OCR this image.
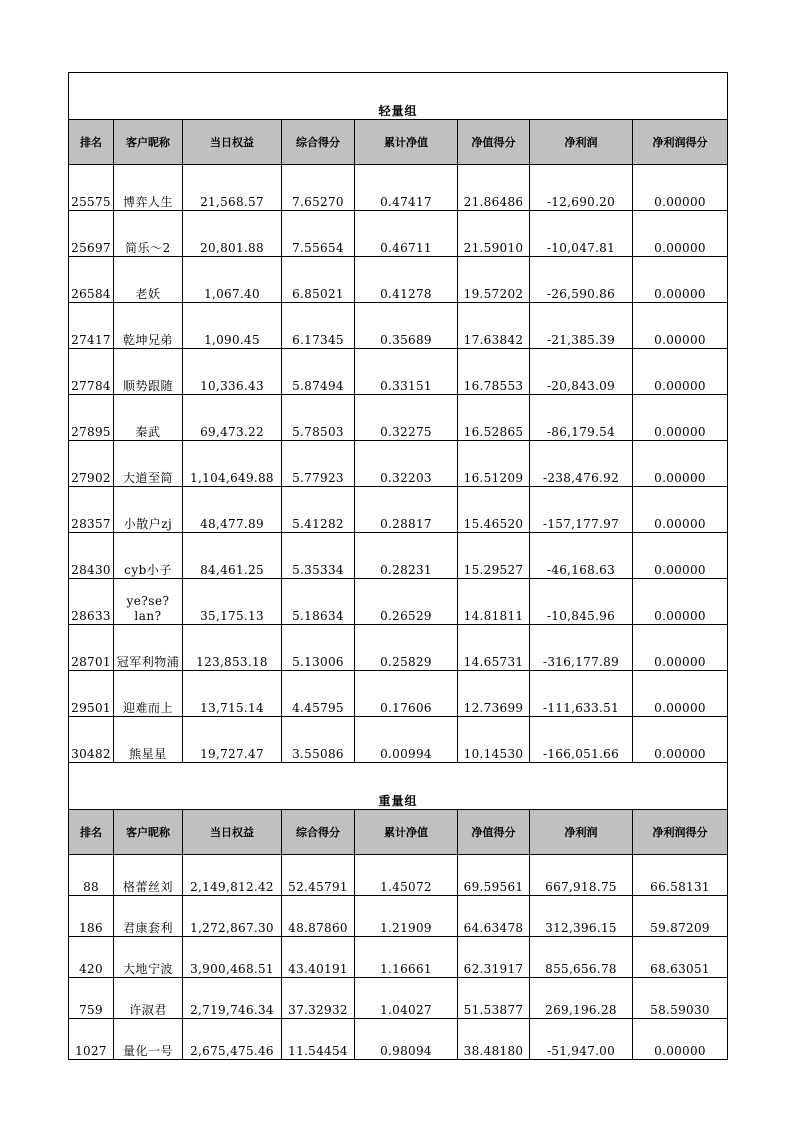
轻量组							
排名	客户昵称	当日权益	综合得分	累计净值	净值得分	净利润	净利润得分
25575	博弈人生	21,568.57	7.65270	0.47417	21.86486	-12,690.20	0.00000
25697	简乐～2	20,801.88	7.55654	0.46711	21.59010	-10,047.81	0.00000
26584	老妖	1,067.40	6.85021	0.41278	19.57202	-26,590.86	0.00000
27417	乾坤兄弟	1,090.45	6.17345	0.35689	17.63842	-21,385.39	0.00000
27784	顺势跟随	10,336.43	5.87494	0.33151	16.78553	-20,843.09	0.00000
27895	秦武	69,473.22	5.78503	0.32275	16.52865	-86,179.54	0.00000
27902	大道至简	1,104,649.88	5.77923	0.32203	16.51209	-238,476.92	0.00000
28357	小散户zj	48,477.89	5.41282	0.28817	15.46520	-157,177.97	0.00000
28430	cyb小子	84,461.25	5.35334	0.28231	15.29527	-46,168.63	0.00000
28633	ye?se?lan?	35,175.13	5.18634	0.26529	14.81811	-10,845.96	0.00000
28701	冠军利物浦	123,853.18	5.13006	0.25829	14.65731	-316,177.89	0.00000
29501	迎难而上	13,715.14	4.45795	0.17606	12.73699	-111,633.51	0.00000
30482	熊星星	19,727.47	3.55086	0.00994	10.14530	-166,051.66	0.00000
重量组							
排名	客户昵称	当日权益	综合得分	累计净值	净值得分	净利润	净利润得分
88	格蕾丝刘	2,149,812.42	52.45791	1.45072	69.59561	667,918.75	66.58131
186	君康套利	1,272,867.30	48.87860	1.21909	64.63478	312,396.15	59.87209
420	大地宁波	3,900,468.51	43.40191	1.16661	62.31917	855,656.78	68.63051
759	许淑君	2,719,746.34	37.32932	1.04027	51.53877	269,196.28	58.59030
1027	量化一号	2,675,475.46	11.54454	0.98094	38.48180	-51,947.00	0.00000
